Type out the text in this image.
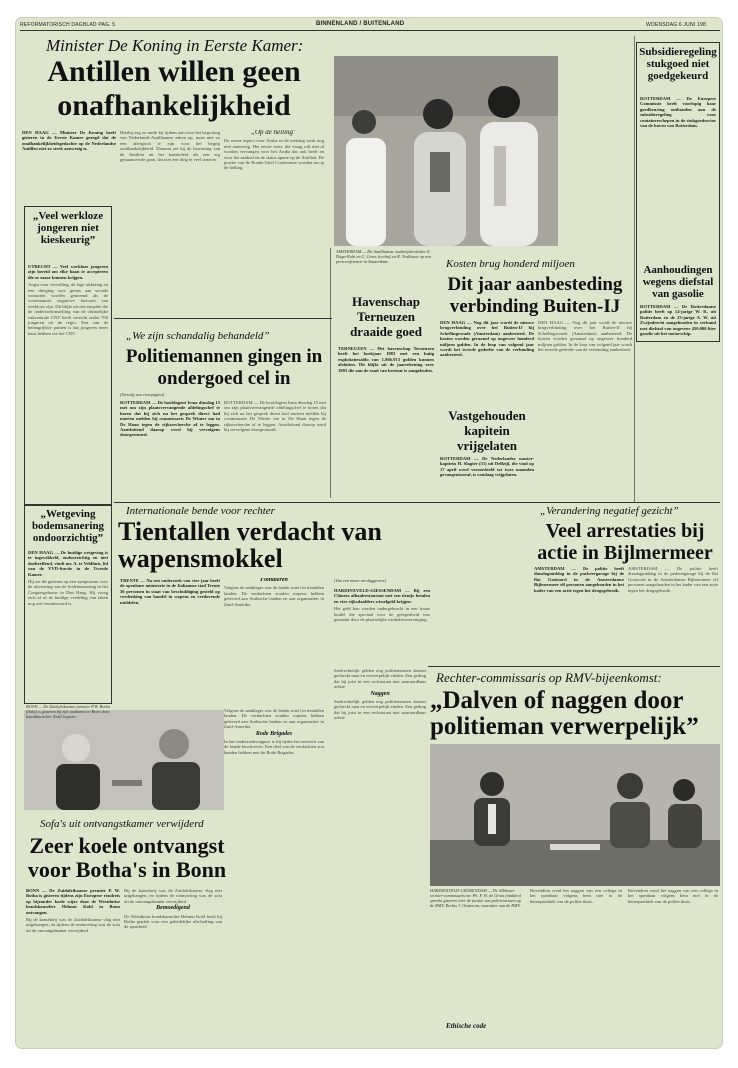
REFORMATORISCH DAGBLAD PAG. 5	BINNENLAND / BUITENLAND	WOENSDAG 6 JUNI 198
Minister De Koning in Eerste Kamer:
Antillen willen geen
onafhankelijkheid

DEN HAAG — Minister De Koning heeft gisteren in de Eerste Kamer gezegd dat de onafhankelijkheidsgedachte op de Nederlandse Antillen niet zo sterk aanwezig is.

Hierbij zeg zo mede kij tijdens aan voor het begroting van Nederlands-Antilliaanse zaken op, moet niet zo een allergisch te zijn voor het begrip onafhankelijkheid. Daarom zei hij de bewoning van de Antillen uit het kansbeleid als een erg genuanceerde gaan, dat niet een ding te veel ontzien.

„Op de helling”

De eerste aspect voor Aruba in de toetsing werk nog niet aanwezig. Het eerste weer, die vraag rolt niet al worden vervangen voor het Aruba dat ook heeft en voor het aanbod en de status aparte op de Antillen. De positie van de Bonds-Tafel Conferentie worden nu op de helling.

„Veel werkloze jongeren niet kieskeurig”

UTRECHT — Veel werkloze jongeren zijn bereid om elke baan te accepteren die ze maar kunnen krijgen.

Angst voor vervelling, de lage uitkering en een dreiging voor gemis aan sociale contacten worden genoemd als de voornaamste negatieve factoren van werkloos zijn. Dit blijkt uit een enquête die de onderzoekinstelling van de christelijke vakcentrale CNV heeft verricht onder 700 jongeren uit de regio. Een van de belangrijkste punten is dat jongeren meer kans hebben via het CNV.	„We zijn schandalig behandeld”
Politiemannen gingen in ondergoed cel in
(Vervolg van voorpagina)

ROTTERDAM — De hoofdagent Irma dinsdag 15 mei om zijn plaatsvervangende afdelingschef te horen dat hij zich na het gesprek direct had moeten melden bij commissaris De Winter om in De Haan tegen de rijksrecherche af te leggen. Aansluitend daarop werd hij vervolgens doorgestuurd.

ROTTERDAM — De hoofdagent Irma dinsdag 15 mei om zijn plaatsvervangende afdelingschef te horen dat hij zich na het gesprek direct had moeten melden bij commissaris De Winter om in De Haan tegen de rijksrecherche af te leggen. Aansluitend daarop werd hij vervolgens doorgestuurd.
AMSTERDAM — De Antilliaanse oudstrijdersleider E. Doga-Kobi en C. Croes (rechts) en R. Trullimoe op een persconferentie in Amsterdam.
Havenschap Terneuzen draaide goed

TERNEUZEN — Het havenschap Terneuzen heeft het boekjaar 1983 met een batig exploitatiesaldo van 1.866.913 gulden kunnen afsluiten. Dit blijkt uit de jaarrekening over 1983 die aan de raad van bestuur is aangeboden.

Kosten brug honderd miljoen
Dit jaar aanbesteding verbinding Buiten-IJ

DEN HAAG — Nog dit jaar wordt de nieuwe brugverbinding over het Buiten-IJ bij Schellingwoude (Amsterdam) aanbesteed. De kosten worden geraamd op ongeveer honderd miljoen gulden. In de loop van volgend jaar wordt het tweede gedeelte van de verbinding aanbesteed.

DEN HAAG — Nog dit jaar wordt de nieuwe brugverbinding over het Buiten-IJ bij Schellingwoude (Amsterdam) aanbesteed. De kosten worden geraamd op ongeveer honderd miljoen gulden. In de loop van volgend jaar wordt het tweede gedeelte van de verbinding aanbesteed.
Vastgehouden kapitein vrijgelaten

ROTTERDAM — De Nederlandse master-kapitein H. Slagter (51) uit Delfzijl, die vind op 17 april werd veroordeeld tot twee maanden gevangenisstraf, is vandaag vrijgelaten.

Subsidieregeling stukgoed niet goedgekeurd

ROTTERDAM — De Europese Commissie heeft voorlopig haar goedkeuring onthouden aan de subsidieregeling voor containerschepen in de stukgoedsector van de haven van Rotterdam.

Aanhoudingen wegens diefstal van gasolie

ROTTERDAM — De Rotterdamse politie heeft op 14-jarige W. K. uit Rotterdam en de 23-jarige A. W. uit Zwijndrecht aangehouden in verband met diefstal van ongeveer 450.000 liter gasolie uit het motorschip.

„Wetgeving bodemsanering ondoorzichtig”

DEN HAAG — De huidige wetgeving is te ingewikkeld, ondoorzichtig en niet doeltreffend, vindt mr. A. te Veldhuis, lid van de VVD-fractie in de Tweede Kamer.

Hij zei dit gisteren op een symposium over de uitvoering van de bodemsanering in het Congresgebouw in Den Haag. Hij vroeg zich af of de huidige verdeling van taken nog wel verantwoord is.

Internationale bende voor rechter
Tientallen verdacht van wapensmokkel

TRENTE — Na een onderzoek van vier jaar heeft de openbare ministerie in de Italiaanse stad Trente 30 personen in staat van beschuldiging gesteld op verdenking van handel in wapens en verdovende middelen.

Fontaieren

Volgens de aanklager was de bende actief in tientallen landen. De verdachten zouden wapens hebben geleverd aan Arabische landen en aan organisaties in Zuid-Amerika.

Volgens de aanklager was de bende actief in tientallen landen. De verdachten zouden wapens hebben geleverd aan Arabische landen en aan organisaties in Zuid-Amerika.

Rode Brigades

In het onderzoeksrapport is bij tijden het netwerk van de bende beschreven. Een deel van de verdachten zou banden hebben met de Rode Brigades.

„Verandering negatief gezicht”
Veel arrestaties bij actie in Bijlmermeer

AMSTERDAM — De politie heeft dinsdagmiddag in de parkeergarage bij de flat Gooioord in de Amsterdamse Bijlmermeer elf personen aangehouden in het kader van een actie tegen het drugsgebruik.

AMSTERDAM — De politie heeft dinsdagmiddag in de parkeergarage bij de flat Gooioord in de Amsterdamse Bijlmermeer elf personen aangehouden in het kader van een actie tegen het drugsgebruik.
(Van een onzer verslaggevers)

HARDINXVELD-GIESSENDAM — Bij een Chinees afhaalrestaurant met een tientje betalen en vier rijksdaalders wisselgeld krijgen.

Het geld kon worden ondergebracht in een fraaie buidel die speciaal voor de gelegenheid was gemaakt door de plaatselijke winkeliersvereniging.

Rechter-commissaris op RMV-bijeenkomst:
„Dalven of naggen door
politieman verwerpelijk”
HARDINXVELD-GIESSENDAM — De Alblasser rechter-commissaris mr. Ph. F. W. de Groot (midden) spreekt gisteren over de positie van politiemensen op de RMV. Rechts J. Oosterom, voorzitter van de RMV.

Snelrechtelijk gelden nog politiemensen daaruit gecheckt naar en verwerpelijk vinden. Een gedrag dat hij juist in een rechtsstaat niet aanvaardbaar achtte.

Naggen

Snelrechtelijk gelden nog politiemensen daaruit gecheckt naar en verwerpelijk vinden. Een gedrag dat hij juist in een rechtsstaat niet aanvaardbaar achtte.

Bovendien vond het naggen van een collega in het openbaar volgens hem niet in de beroepsethiek van de politie thuis.

Bovendien vond het naggen van een collega in het openbaar volgens hem niet in de beroepsethiek van de politie thuis.
Ethische code
BONN — De Zuidafrikaanse premier P.W. Botha (links) is gisteren bij zijn aankomst in Bonn door bondskanselier Kohl begroet.
Sofa's uit ontvangstkamer verwijderd
Zeer koele ontvangst voor Botha's in Bonn

BONN — De Zuidafrikaanse premier P. W. Botha is gisteren tijdens zijn Europese rondreis op bijzonder koele wijze door de Westduitse bondskanselier Helmut Kohl in Bonn ontvangen.

Bij de kanselarij was de Zuidafrikaanse vlag niet uitgehangen, en tijdens de ontmoeting was de sofa uit de ontvangstkamer verwijderd.

Bij de kanselarij was de Zuidafrikaanse vlag niet uitgehangen, en tijdens de ontmoeting was de sofa uit de ontvangstkamer verwijderd.

Bemoedigend

De Westduitse bondskanselier Helmut Kohl heeft bij Botha gepleit voor een geleidelijke afschaffing van de apartheid.
